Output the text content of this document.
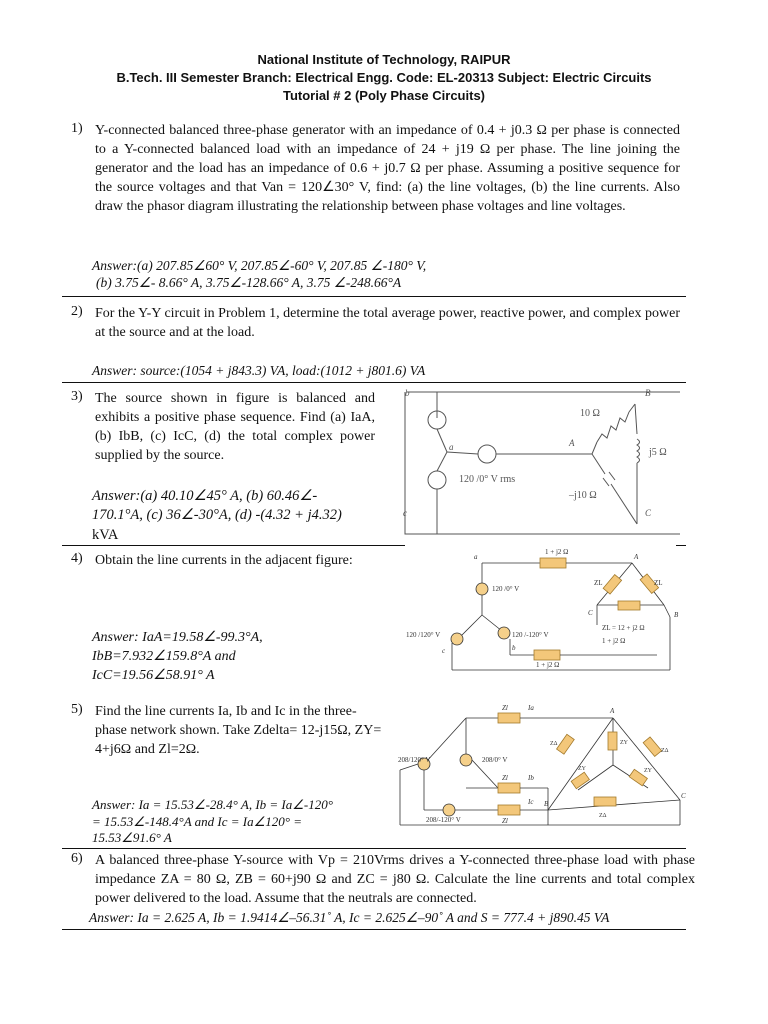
National Institute of Technology, RAIPUR
B.Tech. III Semester Branch: Electrical Engg. Code: EL-20313 Subject: Electric Circuits
Tutorial # 2 (Poly Phase Circuits)
1) Y-connected balanced three-phase generator with an impedance of 0.4 + j0.3 Ω per phase is connected to a Y-connected balanced load with an impedance of 24 + j19 Ω per phase. The line joining the generator and the load has an impedance of 0.6 + j0.7 Ω per phase. Assuming a positive sequence for the source voltages and that Van = 120∠30° V, find: (a) the line voltages, (b) the line currents. Also draw the phasor diagram illustrating the relationship between phase voltages and line voltages.
Answer:(a) 207.85∠60° V, 207.85∠-60° V, 207.85 ∠-180° V,
(b) 3.75∠- 8.66° A, 3.75∠-128.66° A, 3.75 ∠-248.66°A
2) For the Y-Y circuit in Problem 1, determine the total average power, reactive power, and complex power at the source and at the load.
Answer: source:(1054 + j843.3) VA, load:(1012 + j801.6) VA
3) The source shown in figure is balanced and exhibits a positive phase sequence. Find (a) IaA, (b) IbB, (c) IcC, (d) the total complex power supplied by the source.
Answer:(a) 40.10∠45° A, (b) 60.46∠-
170.1°A, (c) 36∠-30°A, (d) -(4.32 + j4.32)
kVA
b	B
a	A
c	C
10 Ω
j5 Ω
–j10 Ω
120 /0° V rms
4) Obtain the line currents in the adjacent figure:
Answer: IaA=19.58∠-99.3°A,
IbB=7.932∠159.8°A and
IcC=19.56∠58.91° A
1 + j2 Ω
120 /0° V
120 /120° V	120 /-120° V
1 + j2 Ω
ZL = 12 + j2 Ω
1 + j2 Ω
ZL	ZL
a	A
b
B
c
C
5) Find the line currents Ia, Ib and Ic in the three-phase network shown. Take Zdelta= 12-j15Ω, ZY= 4+j6Ω and Zl=2Ω.
Answer: Ia = 15.53∠-28.4° A, Ib = Ia∠-120°
= 15.53∠-148.4°A and Ic = Ia∠120° =
15.53∠91.6° A
208/120° V	208/0° V
208/-120° V
Zl	Ia
Zl	Ib
Zl
Ic
ZΔ
ZΔ
ZΔ
ZY
ZY	ZY
A
B
C
6) A balanced three-phase Y-source with Vp = 210Vrms drives a Y-connected three-phase load with phase impedance ZA = 80 Ω, ZB = 60+j90 Ω and ZC = j80 Ω. Calculate the line currents and total complex power delivered to the load. Assume that the neutrals are connected.
Answer: Ia = 2.625 A, Ib = 1.9414∠–56.31˚ A, Ic = 2.625∠–90˚ A and S = 777.4 + j890.45 VA
